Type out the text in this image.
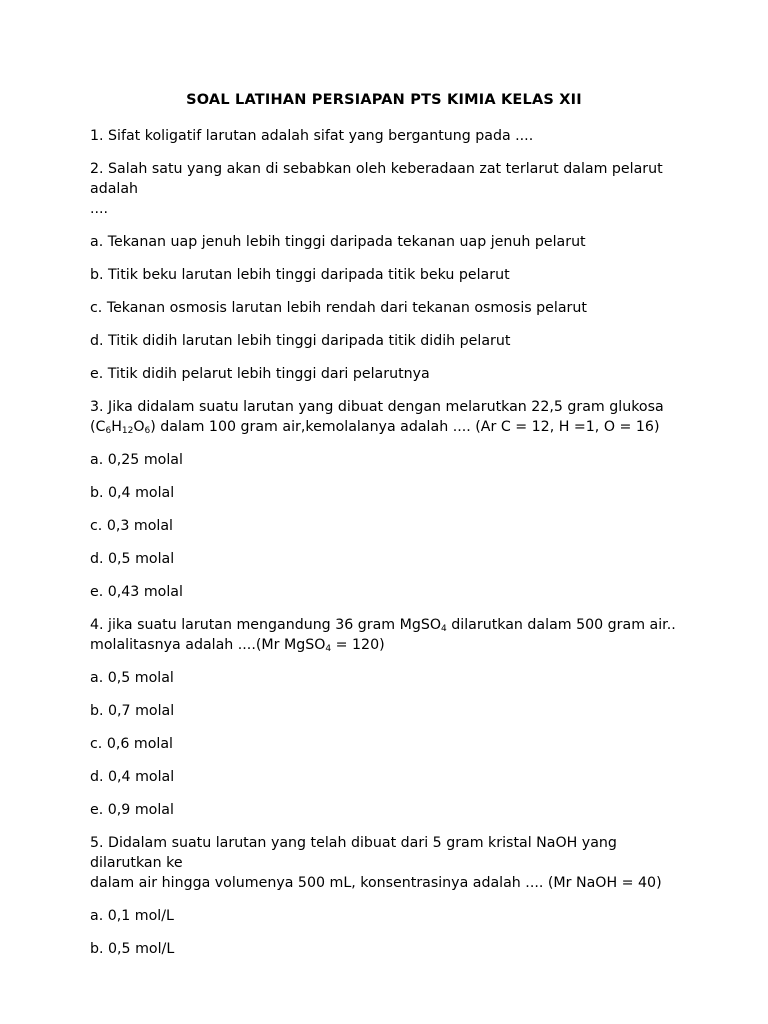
SOAL LATIHAN PERSIAPAN PTS KIMIA KELAS XII

1. Sifat koligatif larutan adalah sifat yang bergantung pada ....

2. Salah satu yang akan di sebabkan oleh keberadaan zat terlarut dalam pelarut adalah
....

a. Tekanan uap jenuh lebih tinggi daripada tekanan uap jenuh pelarut

b. Titik beku larutan lebih tinggi daripada titik beku pelarut

c. Tekanan osmosis larutan lebih rendah dari tekanan osmosis pelarut

d. Titik didih larutan lebih tinggi daripada titik didih pelarut

e. Titik didih pelarut lebih tinggi dari pelarutnya

3. Jika didalam suatu larutan yang dibuat dengan melarutkan 22,5 gram glukosa
$(C_6H_{12}O_6)$ dalam 100 gram air,kemolalanya adalah .... (Ar C = 12, H =1, O = 16)

a. 0,25 molal

b. 0,4 molal

c. 0,3 molal

d. 0,5 molal

e. 0,43 molal

4. jika suatu larutan mengandung 36 gram MgSO$_4$ dilarutkan dalam 500 gram air..
molalitasnya adalah ....(Mr MgSO$_4$ = 120)

a. 0,5 molal

b. 0,7 molal

c. 0,6 molal

d. 0,4 molal

e. 0,9 molal

5. Didalam suatu larutan yang telah dibuat dari 5 gram kristal NaOH yang dilarutkan ke
dalam air hingga volumenya 500 mL, konsentrasinya adalah .... (Mr NaOH = 40)

a. 0,1 mol/L

b. 0,5 mol/L
